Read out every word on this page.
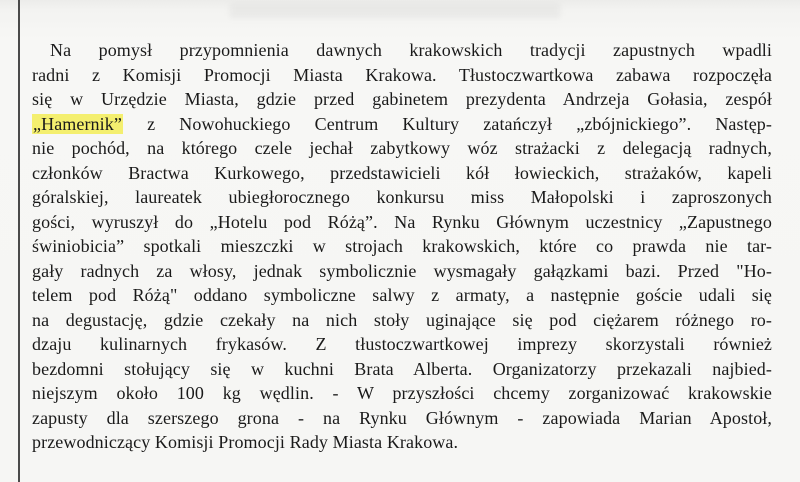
Na pomysł przypomnienia dawnych krakowskich tradycji zapustnych wpadli
radni z Komisji Promocji Miasta Krakowa. Tłustoczwartkowa zabawa rozpoczęła
się w Urzędzie Miasta, gdzie przed gabinetem prezydenta Andrzeja Gołasia, zespół
„Hamernik” z Nowohuckiego Centrum Kultury zatańczył „zbójnickiego”. Następ-
nie pochód, na którego czele jechał zabytkowy wóz strażacki z delegacją radnych,
członków Bractwa Kurkowego, przedstawicieli kół łowieckich, strażaków, kapeli
góralskiej, laureatek ubiegłorocznego konkursu miss Małopolski i zaproszonych
gości, wyruszył do „Hotelu pod Różą”. Na Rynku Głównym uczestnicy „Zapustnego
świniobicia” spotkali mieszczki w strojach krakowskich, które co prawda nie tar-
gały radnych za włosy, jednak symbolicznie wysmagały gałązkami bazi. Przed "Ho-
telem pod Różą" oddano symboliczne salwy z armaty, a następnie goście udali się
na degustację, gdzie czekały na nich stoły uginające się pod ciężarem różnego ro-
dzaju kulinarnych frykasów. Z tłustoczwartkowej imprezy skorzystali również
bezdomni stołujący się w kuchni Brata Alberta. Organizatorzy przekazali najbied-
niejszym około 100 kg wędlin. - W przyszłości chcemy zorganizować krakowskie
zapusty dla szerszego grona - na Rynku Głównym - zapowiada Marian Apostoł,
przewodniczący Komisji Promocji Rady Miasta Krakowa.
